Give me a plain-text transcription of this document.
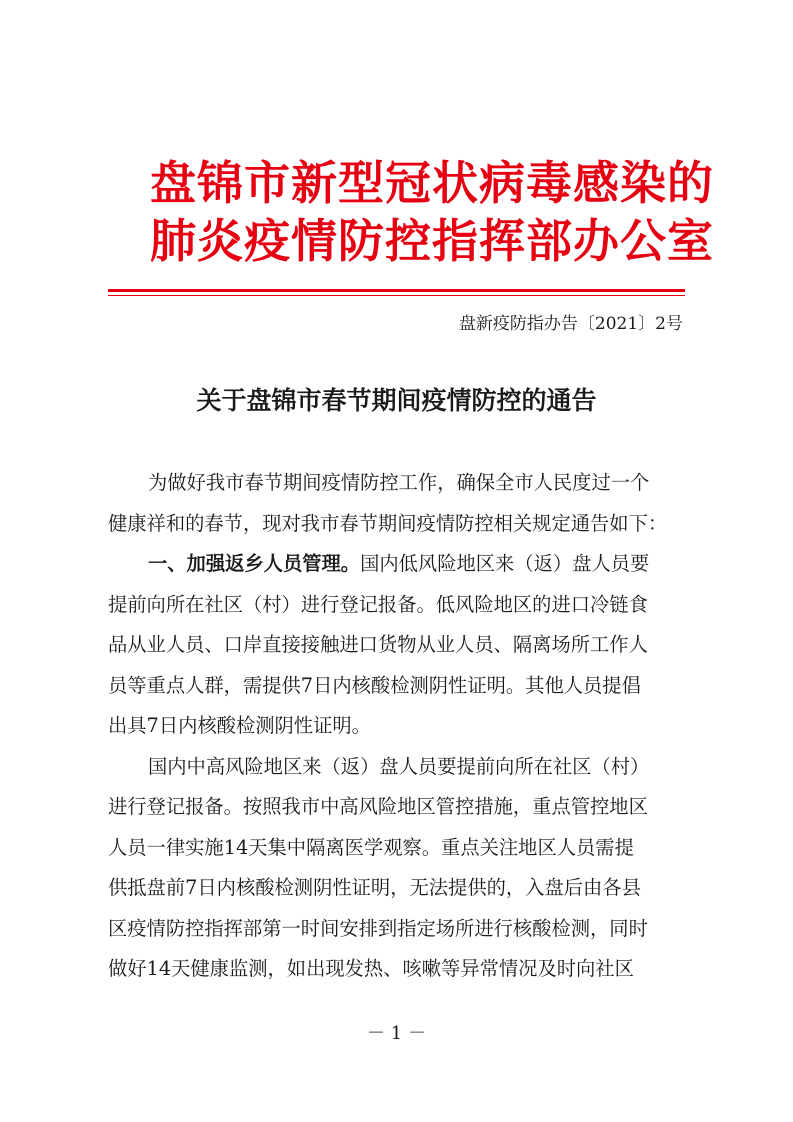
盘锦市新型冠状病毒感染的
肺炎疫情防控指挥部办公室
盘新疫防指办告〔2021〕2号
关于盘锦市春节期间疫情防控的通告
为做好我市春节期间疫情防控工作，确保全市人民度过一个
健康祥和的春节，现对我市春节期间疫情防控相关规定通告如下：
一、加强返乡人员管理。国内低风险地区来（返）盘人员要
提前向所在社区（村）进行登记报备。低风险地区的进口冷链食
品从业人员、口岸直接接触进口货物从业人员、隔离场所工作人
员等重点人群，需提供7日内核酸检测阴性证明。其他人员提倡
出具7日内核酸检测阴性证明。
国内中高风险地区来（返）盘人员要提前向所在社区（村）
进行登记报备。按照我市中高风险地区管控措施，重点管控地区
人员一律实施14天集中隔离医学观察。重点关注地区人员需提
供抵盘前7日内核酸检测阴性证明，无法提供的，入盘后由各县
区疫情防控指挥部第一时间安排到指定场所进行核酸检测，同时
做好14天健康监测，如出现发热、咳嗽等异常情况及时向社区
－ 1 －
